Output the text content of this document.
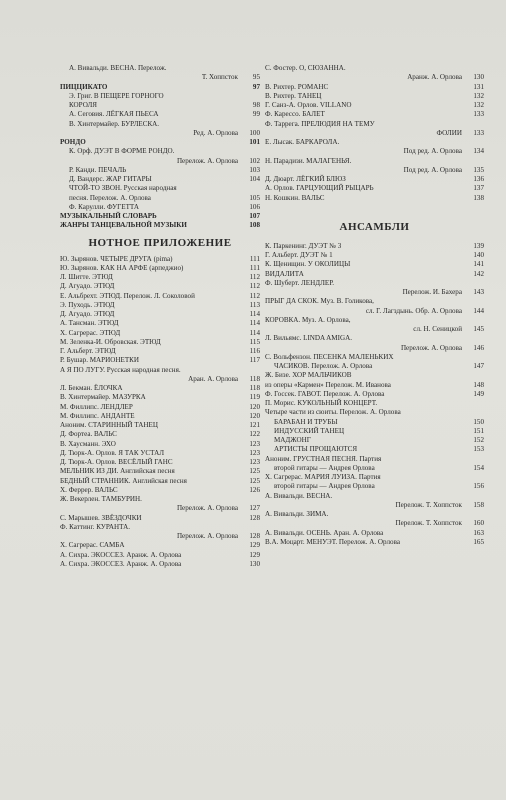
А. Вивальди. ВЕСНА. Перелож.
Т. Хоппсток 95
ПИЦЦИКАТО	97
Э. Григ. В ПЕЩЕРЕ ГОРНОГО
КОРОЛЯ	98
А. Сеговия. ЛЁГКАЯ ПЬЕСА	99
В. Хинтермайер. БУРЛЕСКА.
Ред. А. Орлова 100
РОНДО	101
К. Орф. ДУЭТ В ФОРМЕ РОНДО.
Перелож. А. Орлова 102
Р. Канди. ПЕЧАЛЬ	103
Д. Вандерс. ЖАР ГИТАРЫ	104
ЧТОЙ-ТО ЗВОН. Русская народная
песня. Перелож. А. Орлова	105
Ф. Карулли. ФУГЕТТА	106
МУЗЫКАЛЬНЫЙ СЛОВАРЬ	107
ЖАНРЫ ТАНЦЕВАЛЬНОЙ МУЗЫКИ	108
НОТНОЕ ПРИЛОЖЕНИЕ
Ю. Зырянов. ЧЕТЫРЕ ДРУГА (pima)	111
Ю. Зырянов. КАК НА АРФЕ (арпеджио)	111
Л. Шитте. ЭТЮД	112
Д. Агуадо. ЭТЮД	112
Е. Альбрехт. ЭТЮД. Перелож. Л. Соколовой	112
Э. Пуходь. ЭТЮД	113
Д. Агуадо. ЭТЮД	114
А. Тансман. ЭТЮД	114
Х. Сагрерас. ЭТЮД	114
М. Зеленка-И. Обровская. ЭТЮД	115
Г. Альберт. ЭТЮД	116
Р. Бушар. МАРИОНЕТКИ	117
А Я ПО ЛУГУ. Русская народная песня.
Аран. А. Орлова 118
Л. Бекман. ЁЛОЧКА	118
В. Хинтермайер. МАЗУРКА	119
М. Филлипс. ЛЕНДЛЕР	120
М. Филлипс. АНДАНТЕ	120
Аноним. СТАРИННЫЙ ТАНЕЦ	121
Д. Фортеа. ВАЛЬС	122
В. Хаусманн. ЭХО	123
Д. Тюрк-А. Орлов. Я ТАК УСТАЛ	123
Д. Тюрк-А. Орлов. ВЕСЁЛЫЙ ГАНС	123
МЕЛЬНИК ИЗ ДИ. Английская песня	125
БЕДНЫЙ СТРАННИК. Английская песня	125
Х. Феррер. ВАЛЬС	126
Ж. Векерлен. ТАМБУРИН.
Перелож. А. Орлова 127
С. Марышев. ЗВЁЗДОЧКИ	128
Ф. Каттинг. КУРАНТА.
Перелож. А. Орлова 128
Х. Сагрерас. САМБА	129
А. Сихра. ЭКОССЕЗ. Аранж. А. Орлова	129
А. Сихра. ЭКОССЕЗ. Аранж. А. Орлова	130
С. Фостер. О, СЮЗАННА.
Аранж. А. Орлова 130
В. Рихтер. РОМАНС	131
В. Рихтер. ТАНЕЦ	132
Г. Санз-А. Орлов. VILLANO	132
Ф. Карессо. БАЛЕТ	133
Ф. Таррега. ПРЕЛЮДИЯ НА ТЕМУ
ФОЛИИ 133
Е. Лысак. БАРКАРОЛА.
Под ред. А. Орлова 134
Н. Парадизи. МАЛАГЕНЬЯ.
Под ред. А. Орлова 135
Д. Дюарт. ЛЁГКИЙ БЛЮЗ	136
А. Орлов. ГАРЦУЮЩИЙ РЫЦАРЬ	137
Н. Кошкин. ВАЛЬС	138
АНСАМБЛИ
К. Паркенинг. ДУЭТ № 3	139
Г. Альберт. ДУЭТ № 1	140
К. Щенищин. У ОКОЛИЦЫ	141
ВИДАЛИТА	142
Ф. Шуберт. ЛЕНДЛЕР.
Перелож. И. Бахера 143
ПРЫГ ДА СКОК. Муз. В. Голикова,
сл. Г. Лагздынь. Обр. А. Орлова 144
КОРОВКА. Муз. А. Орлова,
сл. Н. Сеницкой 145
Л. Вильямс. LINDA AMIGA.
Перелож. А. Орлова 146
С. Вольфензон. ПЕСЕНКА МАЛЕНЬКИХ
ЧАСИКОВ. Перелож. А. Орлова	147
Ж. Бизе. ХОР МАЛЬЧИКОВ
из оперы «Кармен» Перелож. М. Иванова	148
Ф. Госсек. ГАВОТ. Перелож. А. Орлова	149
П. Морис. КУКОЛЬНЫЙ КОНЦЕРТ.
Четыре части из сюиты. Перелож. А. Орлова
БАРАБАН И ТРУБЫ	150
ИНДУССКИЙ ТАНЕЦ	151
МАДЖОНГ	152
АРТИСТЫ ПРОЩАЮТСЯ	153
Аноним. ГРУСТНАЯ ПЕСНЯ. Партия
второй гитары — Андрея Орлова	154
Х. Сагрерас. МАРИЯ ЛУИЗА. Партия
второй гитары — Андрея Орлова	156
А. Вивальди. ВЕСНА.
Перелож. Т. Хоппсток 158
А. Вивальди. ЗИМА.
Перелож. Т. Хоппсток 160
А. Вивальди. ОСЕНЬ. Аран. А. Орлова	163
В.А. Моцарт. МЕНУЭТ. Перелож. А. Орлова	165
